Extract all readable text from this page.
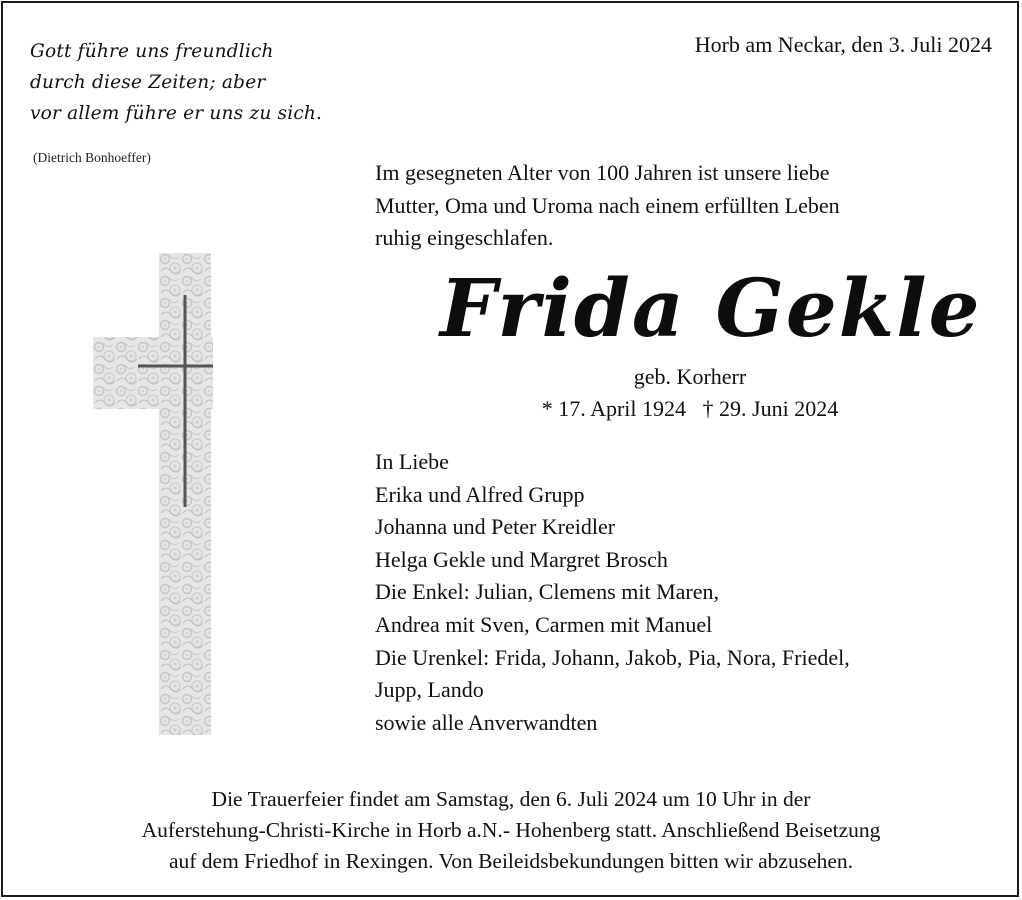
Gott führe uns freundlich
durch diese Zeiten; aber
vor allem führe er uns zu sich.
(Dietrich Bonhoeffer)
Horb am Neckar, den 3. Juli 2024
Im gesegneten Alter von 100 Jahren ist unsere liebe
Mutter, Oma und Uroma nach einem erfüllten Leben
ruhig eingeschlafen.
Frida Gekle
geb. Korherr
* 17. April 1924   † 29. Juni 2024
In Liebe
Erika und Alfred Grupp
Johanna und Peter Kreidler
Helga Gekle und Margret Brosch
Die Enkel: Julian, Clemens mit Maren,
Andrea mit Sven, Carmen mit Manuel
Die Urenkel: Frida, Johann, Jakob, Pia, Nora, Friedel,
Jupp, Lando
sowie alle Anverwandten
Die Trauerfeier findet am Samstag, den 6. Juli 2024 um 10 Uhr in der
Auferstehung-Christi-Kirche in Horb a.N.- Hohenberg statt. Anschließend Beisetzung
auf dem Friedhof in Rexingen. Von Beileidsbekundungen bitten wir abzusehen.
